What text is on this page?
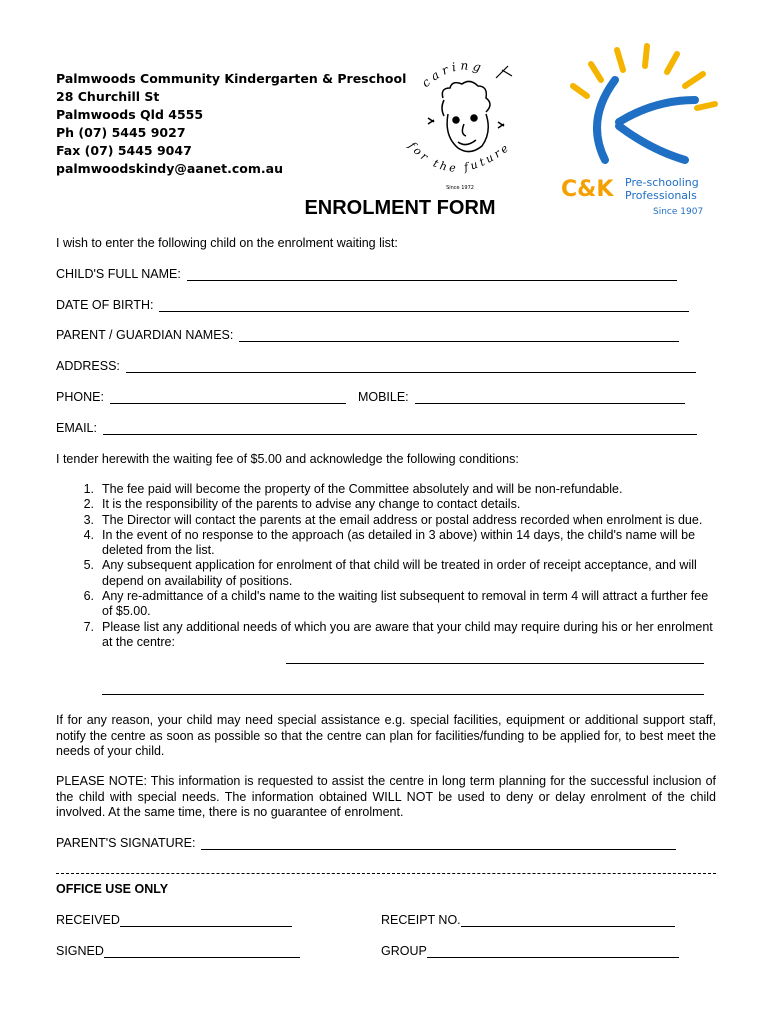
Palmwoods Community Kindergarten & Preschool
28 Churchill St
Palmwoods Qld 4555
Ph (07) 5445 9027
Fax (07) 5445 9047
palmwoodskindy@aanet.com.au
caring
for the future
Since 1972	C&K Pre-schooling
Professionals
Since 1907
ENROLMENT FORM
I wish to enter the following child on the enrolment waiting list:
CHILD'S FULL NAME:
DATE OF BIRTH:
PARENT / GUARDIAN NAMES:
ADDRESS:
PHONE:	MOBILE:
EMAIL:
I tender herewith the waiting fee of $5.00 and acknowledge the following conditions:
1. The fee paid will become the property of the Committee absolutely and will be non-refundable.
2. It is the responsibility of the parents to advise any change to contact details.
3. The Director will contact the parents at the email address or postal address recorded when enrolment is due.
4. In the event of no response to the approach (as detailed in 3 above) within 14 days, the child's name will be deleted from the list.
5. Any subsequent application for enrolment of that child will be treated in order of receipt acceptance, and will depend on availability of positions.
6. Any re-admittance of a child's name to the waiting list subsequent to removal in term 4 will attract a further fee of $5.00.
7. Please list any additional needs of which you are aware that your child may require during his or her enrolment at the centre:
If for any reason, your child may need special assistance e.g. special facilities, equipment or additional support staff, notify the centre as soon as possible so that the centre can plan for facilities/funding to be applied for, to best meet the needs of your child.
PLEASE NOTE: This information is requested to assist the centre in long term planning for the successful inclusion of the child with special needs. The information obtained WILL NOT be used to deny or delay enrolment of the child involved. At the same time, there is no guarantee of enrolment.
PARENT'S SIGNATURE:
OFFICE USE ONLY
RECEIVED	RECEIPT NO.
SIGNED	GROUP
